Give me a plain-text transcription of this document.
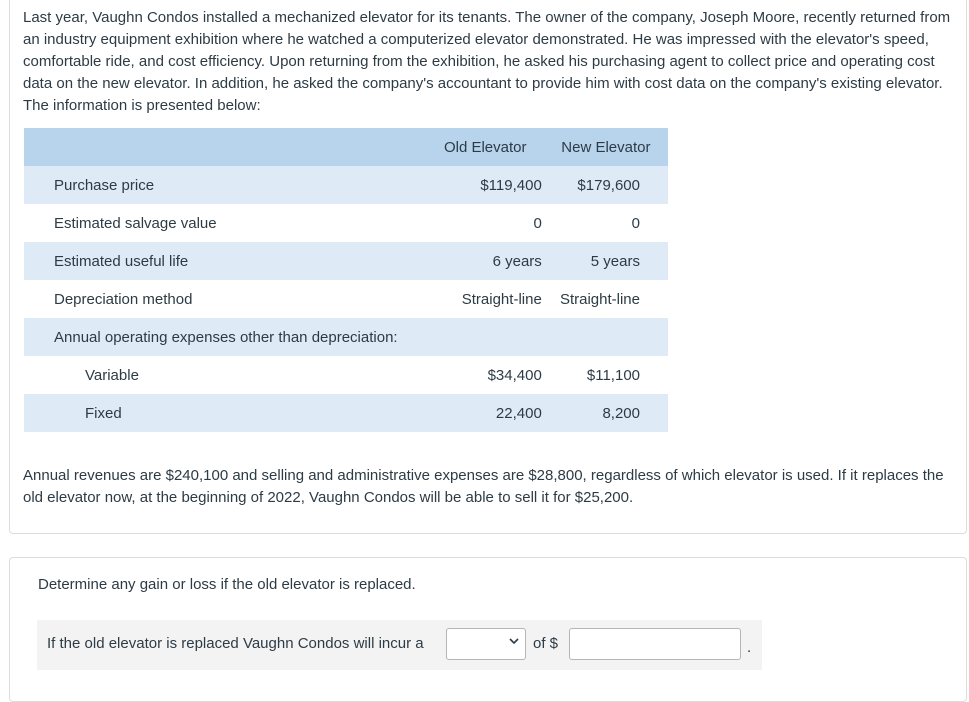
Last year, Vaughn Condos installed a mechanized elevator for its tenants. The owner of the company, Joseph Moore, recently returned from an industry equipment exhibition where he watched a computerized elevator demonstrated. He was impressed with the elevator's speed, comfortable ride, and cost efficiency. Upon returning from the exhibition, he asked his purchasing agent to collect price and operating cost data on the new elevator. In addition, he asked the company's accountant to provide him with cost data on the company's existing elevator. The information is presented below:

	Old Elevator	New Elevator
Purchase price	$119,400	$179,600
Estimated salvage value	0	0
Estimated useful life	6 years	5 years
Depreciation method	Straight-line	Straight-line
Annual operating expenses other than depreciation:		
Variable	$34,400	$11,100
Fixed	22,400	8,200

Annual revenues are $240,100 and selling and administrative expenses are $28,800, regardless of which elevator is used. If it replaces the old elevator now, at the beginning of 2022, Vaughn Condos will be able to sell it for $25,200.

Determine any gain or loss if the old elevator is replaced.
If the old elevator is replaced Vaughn Condos will incur a	of $	.
